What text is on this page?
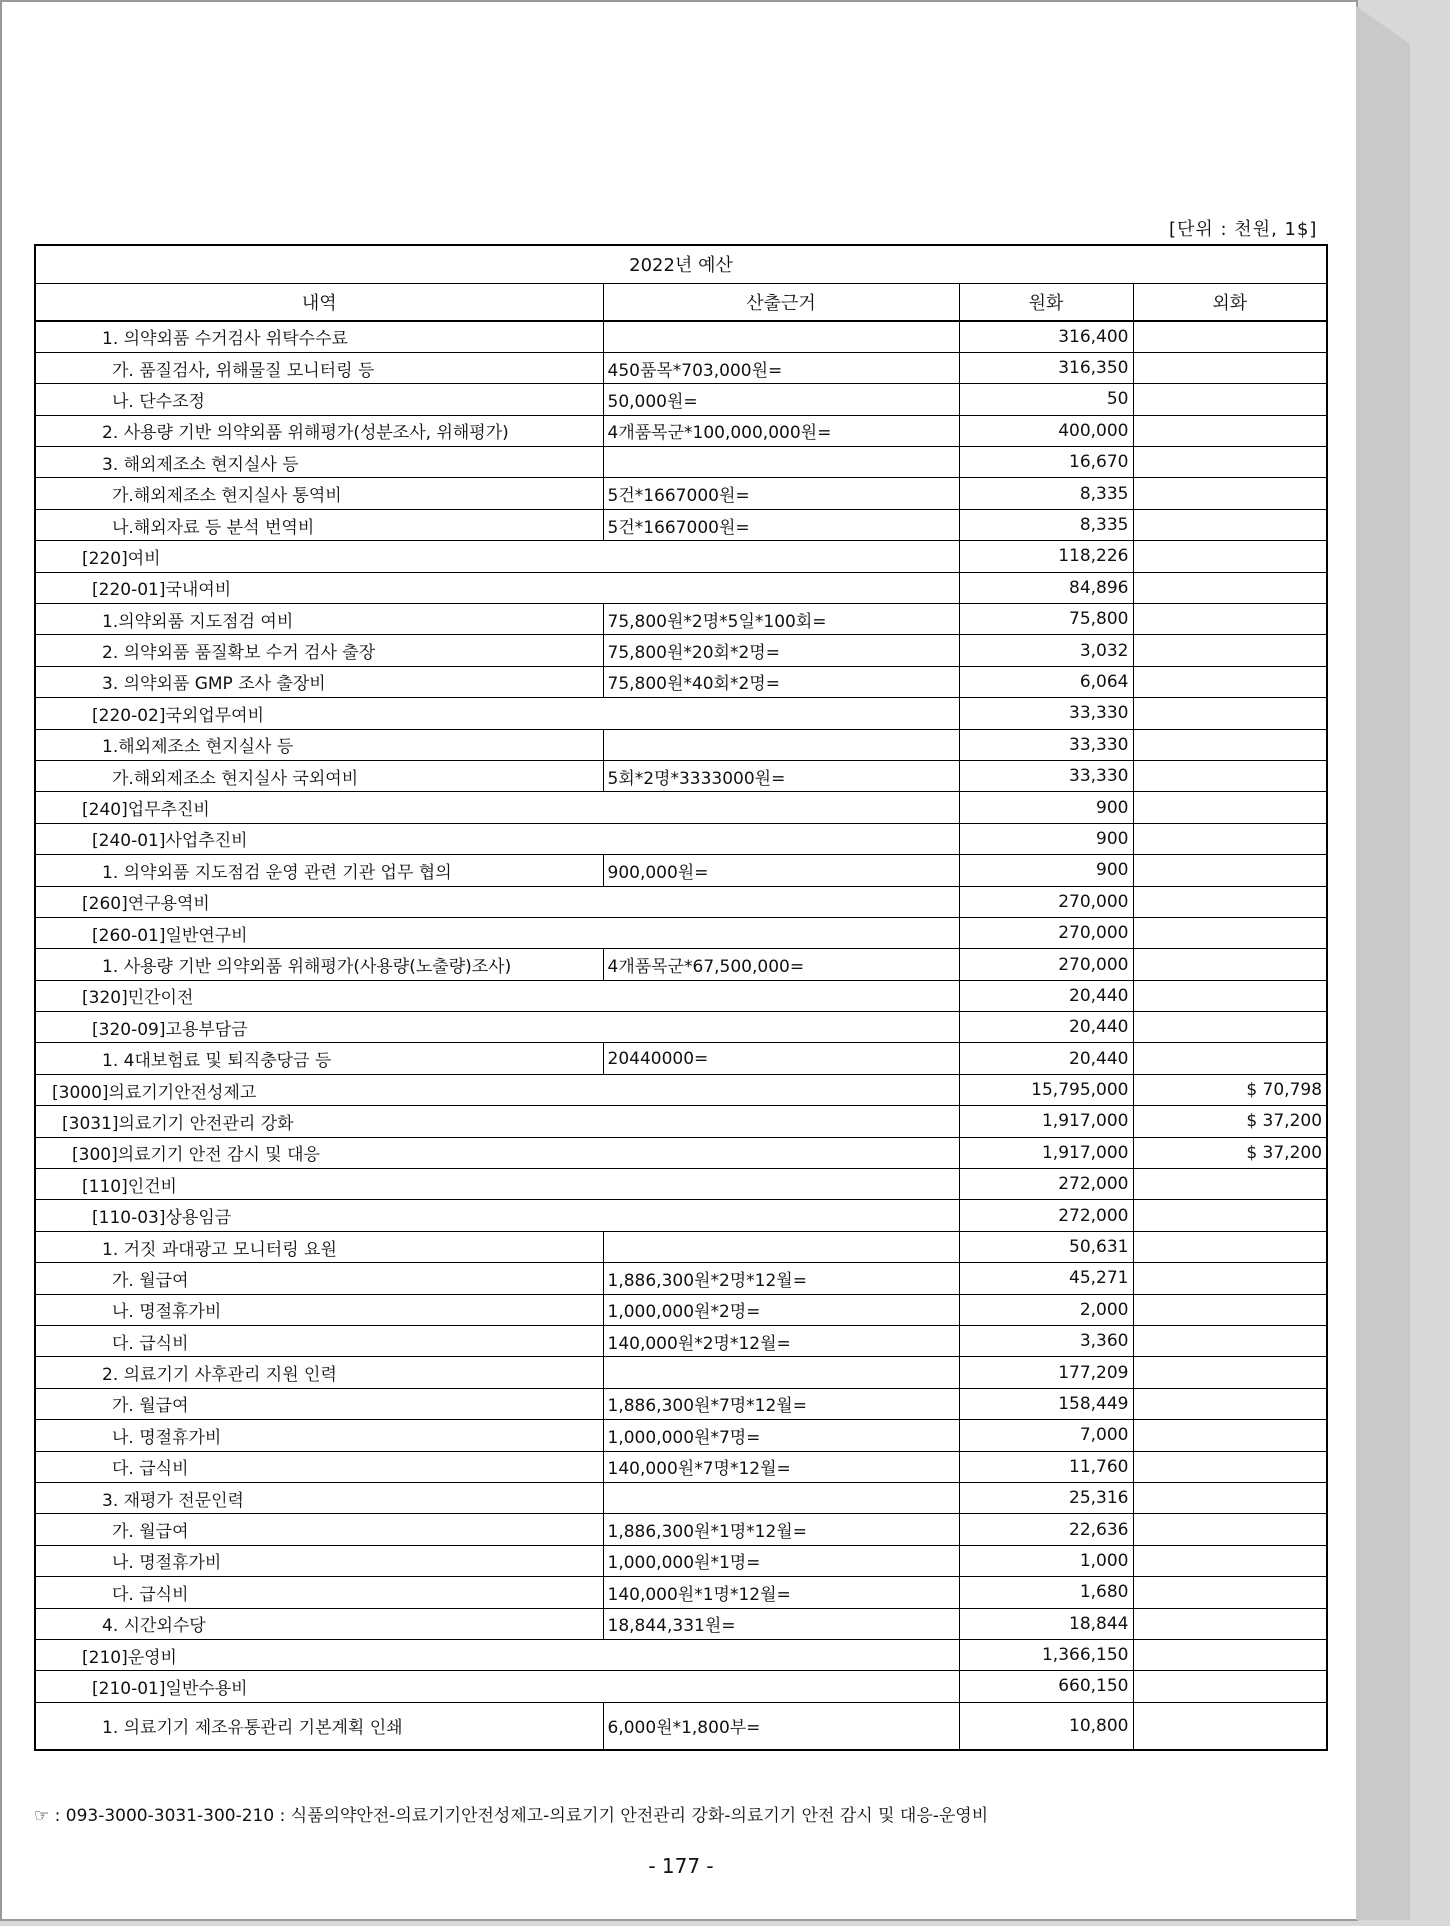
[단위 : 천원, 1$]
2022년 예산			
내역	산출근거	원화	외화
1. 의약외품 수거검사 위탁수수료		316,400	
가. 품질검사, 위해물질 모니터링 등	450품목*703,000원=	316,350	
나. 단수조정	50,000원=	50	
2. 사용량 기반 의약외품 위해평가(성분조사, 위해평가)	4개품목군*100,000,000원=	400,000	
3. 해외제조소 현지실사 등		16,670	
가.해외제조소 현지실사 통역비	5건*1667000원=	8,335	
나.해외자료 등 분석 번역비	5건*1667000원=	8,335	
[220]여비		118,226	
[220-01]국내여비		84,896	
1.의약외품 지도점검 여비	75,800원*2명*5일*100회=	75,800	
2. 의약외품 품질확보 수거 검사 출장	75,800원*20회*2명=	3,032	
3. 의약외품 GMP 조사 출장비	75,800원*40회*2명=	6,064	
[220-02]국외업무여비		33,330	
1.해외제조소 현지실사 등		33,330	
가.해외제조소 현지실사 국외여비	5회*2명*3333000원=	33,330	
[240]업무추진비		900	
[240-01]사업추진비		900	
1. 의약외품 지도점검 운영 관련 기관 업무 협의	900,000원=	900	
[260]연구용역비		270,000	
[260-01]일반연구비		270,000	
1. 사용량 기반 의약외품 위해평가(사용량(노출량)조사)	4개품목군*67,500,000=	270,000	
[320]민간이전		20,440	
[320-09]고용부담금		20,440	
1. 4대보험료 및 퇴직충당금 등	20440000=	20,440	
[3000]의료기기안전성제고		15,795,000	$ 70,798
[3031]의료기기 안전관리 강화		1,917,000	$ 37,200
[300]의료기기 안전 감시 및 대응		1,917,000	$ 37,200
[110]인건비		272,000	
[110-03]상용임금		272,000	
1. 거짓 과대광고 모니터링 요원		50,631	
가. 월급여	1,886,300원*2명*12월=	45,271	
나. 명절휴가비	1,000,000원*2명=	2,000	
다. 급식비	140,000원*2명*12월=	3,360	
2. 의료기기 사후관리 지원 인력		177,209	
가. 월급여	1,886,300원*7명*12월=	158,449	
나. 명절휴가비	1,000,000원*7명=	7,000	
다. 급식비	140,000원*7명*12월=	11,760	
3. 재평가 전문인력		25,316	
가. 월급여	1,886,300원*1명*12월=	22,636	
나. 명절휴가비	1,000,000원*1명=	1,000	
다. 급식비	140,000원*1명*12월=	1,680	
4. 시간외수당	18,844,331원=	18,844	
[210]운영비		1,366,150	
[210-01]일반수용비		660,150	
1. 의료기기 제조유통관리 기본계획 인쇄	6,000원*1,800부=	10,800	
☞ : 093-3000-3031-300-210 : 식품의약안전-의료기기안전성제고-의료기기 안전관리 강화-의료기기 안전 감시 및 대응-운영비
- 177 -
